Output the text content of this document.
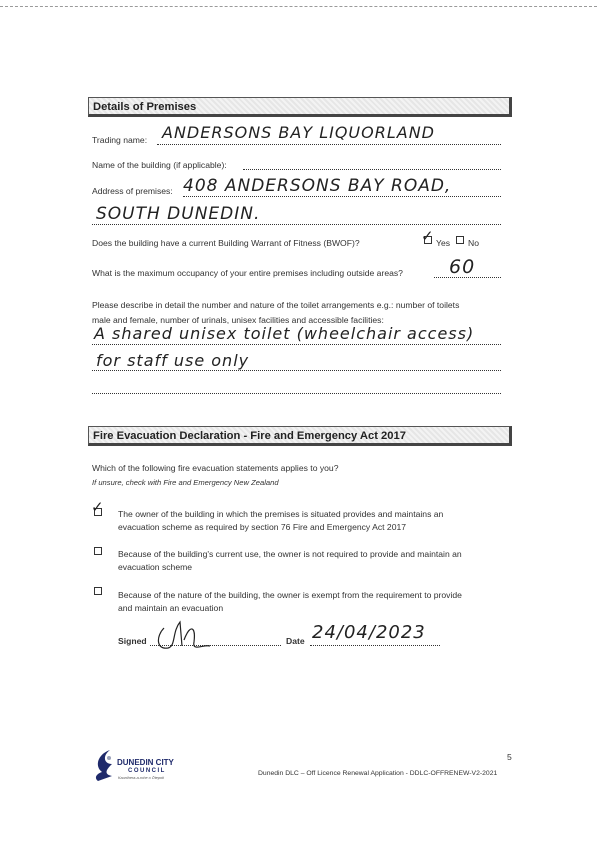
Details of Premises
Trading name: ANDERSONS BAY LIQUORLAND
Name of the building (if applicable):
Address of premises: 408 ANDERSONS BAY ROAD,
SOUTH DUNEDIN.
Does the building have a current Building Warrant of Fitness (BWOF)?	✓ Yes No
What is the maximum occupancy of your entire premises including outside areas? 60
Please describe in detail the number and nature of the toilet arrangements e.g.: number of toilets
male and female, number of urinals, unisex facilities and accessible facilities:
A shared unisex toilet (wheelchair access)
for staff use only
Fire Evacuation Declaration - Fire and Emergency Act 2017
Which of the following fire evacuation statements applies to you?
If unsure, check with Fire and Emergency New Zealand
✓ The owner of the building in which the premises is situated provides and maintains an
evacuation scheme as required by section 76 Fire and Emergency Act 2017
Because of the building's current use, the owner is not required to provide and maintain an
evacuation scheme
Because of the nature of the building, the owner is exempt from the requirement to provide
and maintain an evacuation
Signed	Date 24/04/2023
5
Dunedin DLC – Off Licence Renewal Application - DDLC-OFFRENEW-V2-2021
DUNEDIN CITY
COUNCIL
Kaunihera-a-rohe o Ōtepoti
